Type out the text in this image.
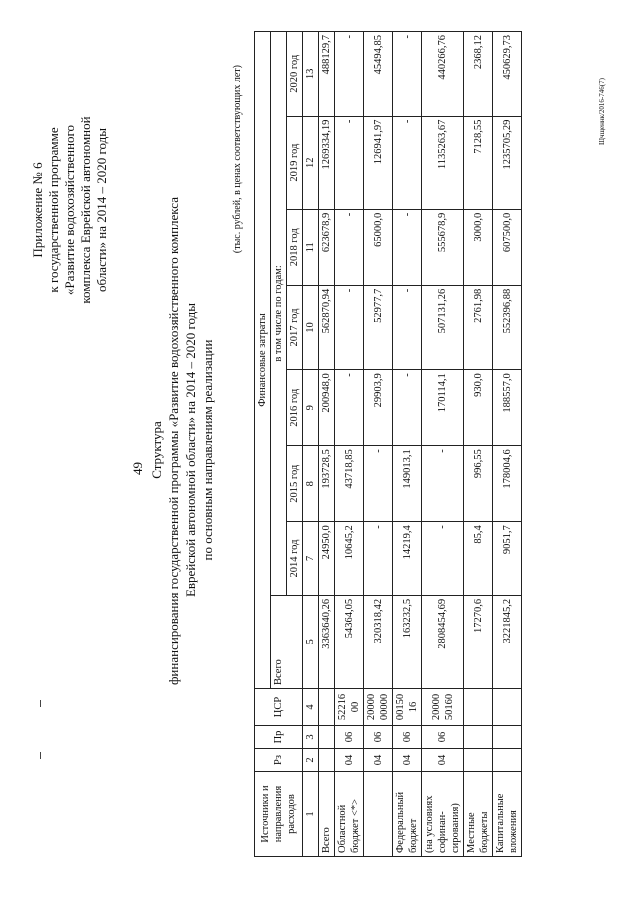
49
Приложение № 6 к государственной программе «Развитие водохозяйственного комплекса Еврейской автономной области» на 2014 – 2020 годы
Структура финансирования государственной программы «Развитие водохозяйственного комплекса Еврейской автономной области» на 2014 – 2020 годы по основным направлениям реализации
(тыс. рублей, в ценах соответствующих лет)
Источники и направления расходов	Рз	Пр	ЦСР	Финансовые затраты							
				Всего	в том числе по годам:						
					2014 год	2015 год	2016 год	2017 год	2018 год	2019 год	2020 год
1	2	3	4	5	7	8	9	10	11	12	13
Всего				3363640,26	24950,0	193728,5	200948,0	562870,94	623678,9	1269334,19	488129,7
Областной бюджет <*>	04	06	52216 00	54364,05	10645,2	43718,85	-	-	-	-	-
	04	06	20000 00000	320318,42	-	-	29903,9	52977,7	65000,0	126941,97	45494,85
Федеральный бюджет	04	06	00150 16	163232,5	14219,4	149013,1	-	-	-	-	-
(на условиях софинан- сирования)	04	06	20000 50160	2808454,69	-	-	170114,1	507131,26	555678,9	1135263,67	440266,76
Местные бюджеты				17270,6	85,4	996,55	930,0	2761,98	3000,0	7128,55	2368,12
Капитальные вложения				3221845,2	9051,7	178004,6	188557,0	552396,88	607500,0	1235705,29	450629,73
Щчщеннк/2016-746(7)
